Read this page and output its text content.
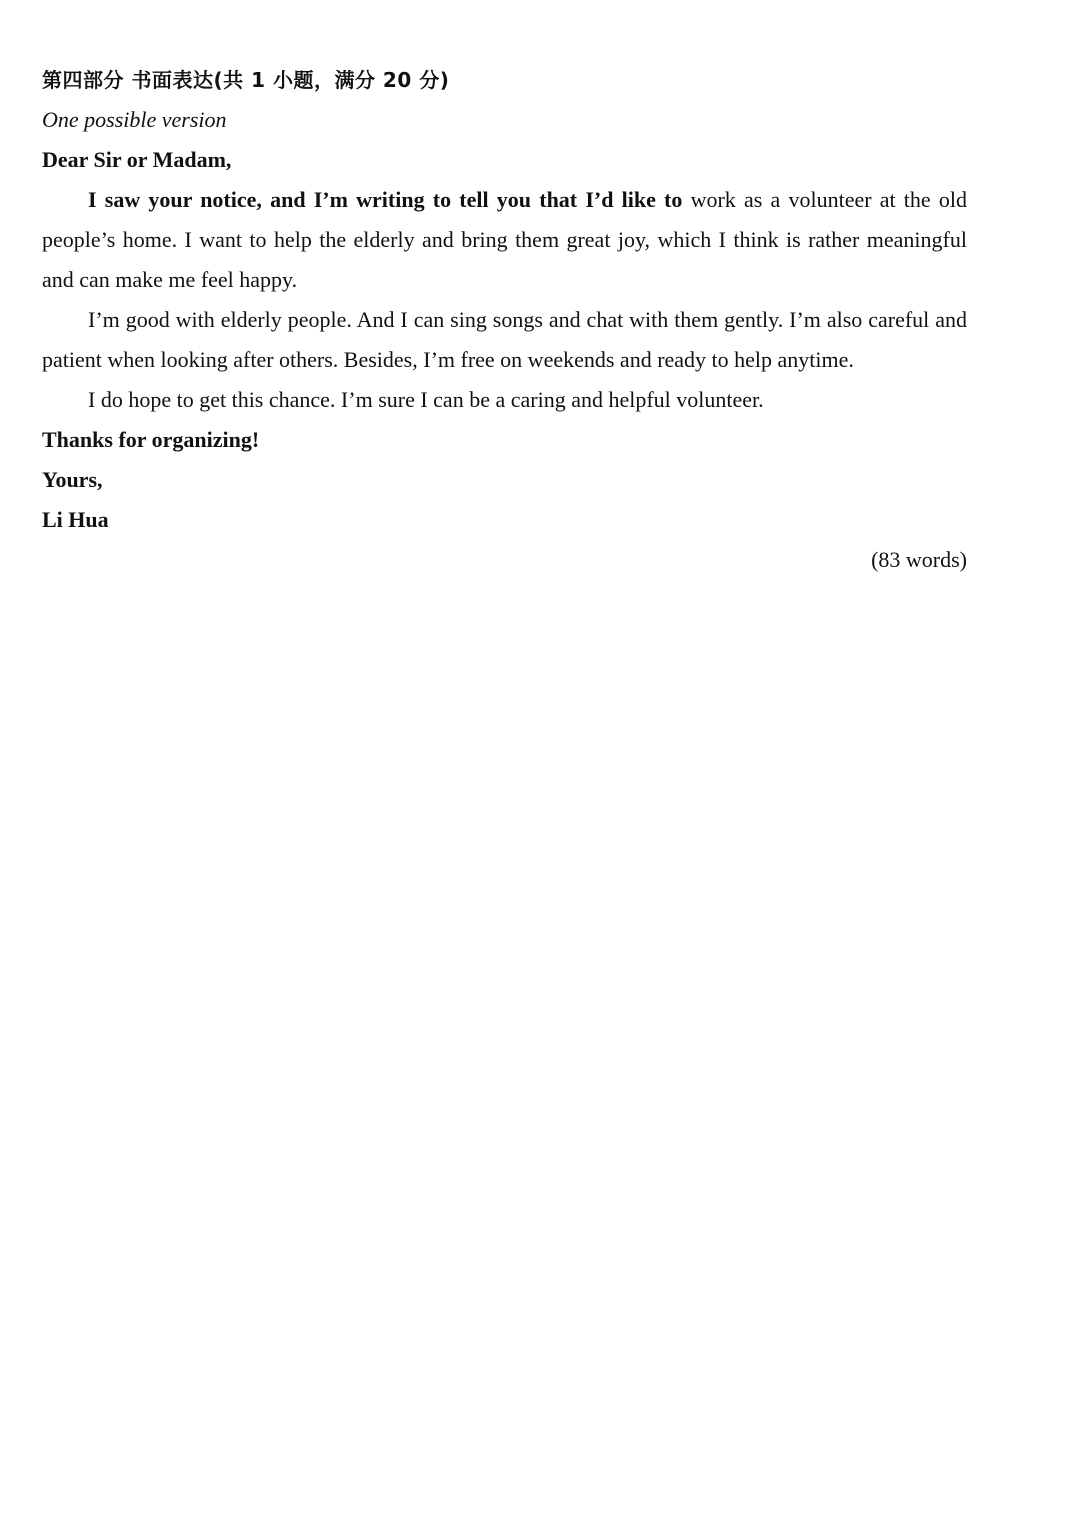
第四部分 书面表达(共 1 小题，满分 20 分)
One possible version
Dear Sir or Madam,

I saw your notice, and I’m writing to tell you that I’d like to work as a volunteer at the old people’s home. I want to help the elderly and bring them great joy, which I think is rather meaningful and can make me feel happy.

I’m good with elderly people. And I can sing songs and chat with them gently. I’m also careful and patient when looking after others. Besides, I’m free on weekends and ready to help anytime.

I do hope to get this chance. I’m sure I can be a caring and helpful volunteer.

Thanks for organizing!
Yours,
Li Hua
(83 words)
